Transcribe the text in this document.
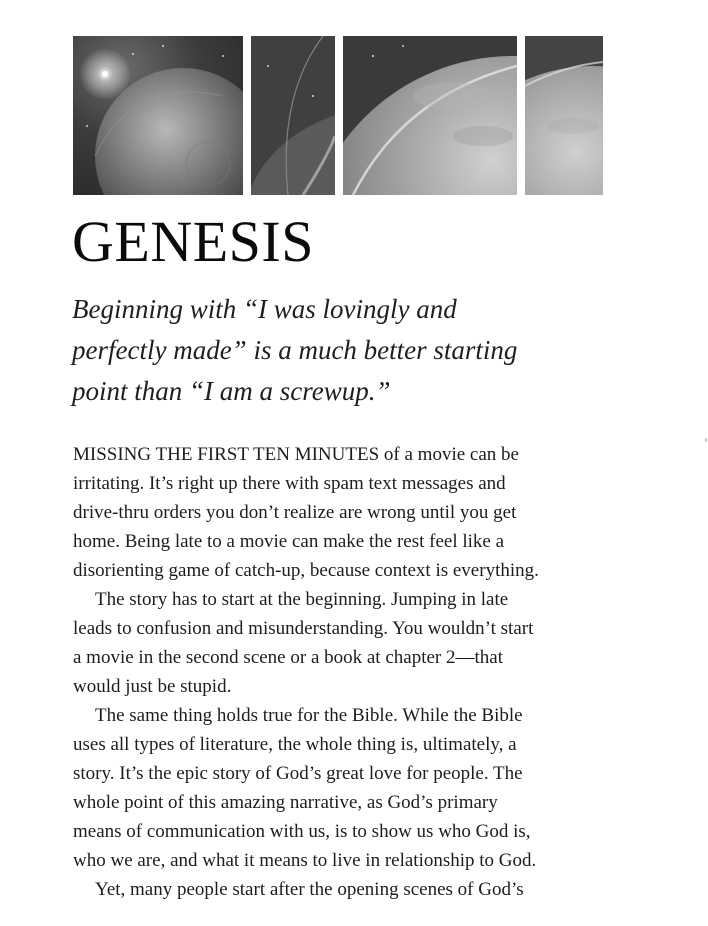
GENESIS
Beginning with “I was lovingly and
perfectly made” is a much better starting
point than “I am a screwup.”

MISSING THE FIRST TEN MINUTES of a movie can be
irritating. It’s right up there with spam text messages and
drive-thru orders you don’t realize are wrong until you get
home. Being late to a movie can make the rest feel like a
disorienting game of catch-up, because context is everything.

The story has to start at the beginning. Jumping in late
leads to confusion and misunderstanding. You wouldn’t start
a movie in the second scene or a book at chapter 2—that
would just be stupid.

The same thing holds true for the Bible. While the Bible
uses all types of literature, the whole thing is, ultimately, a
story. It’s the epic story of God’s great love for people. The
whole point of this amazing narrative, as God’s primary
means of communication with us, is to show us who God is,
who we are, and what it means to live in relationship to God.

Yet, many people start after the opening scenes of God’s
